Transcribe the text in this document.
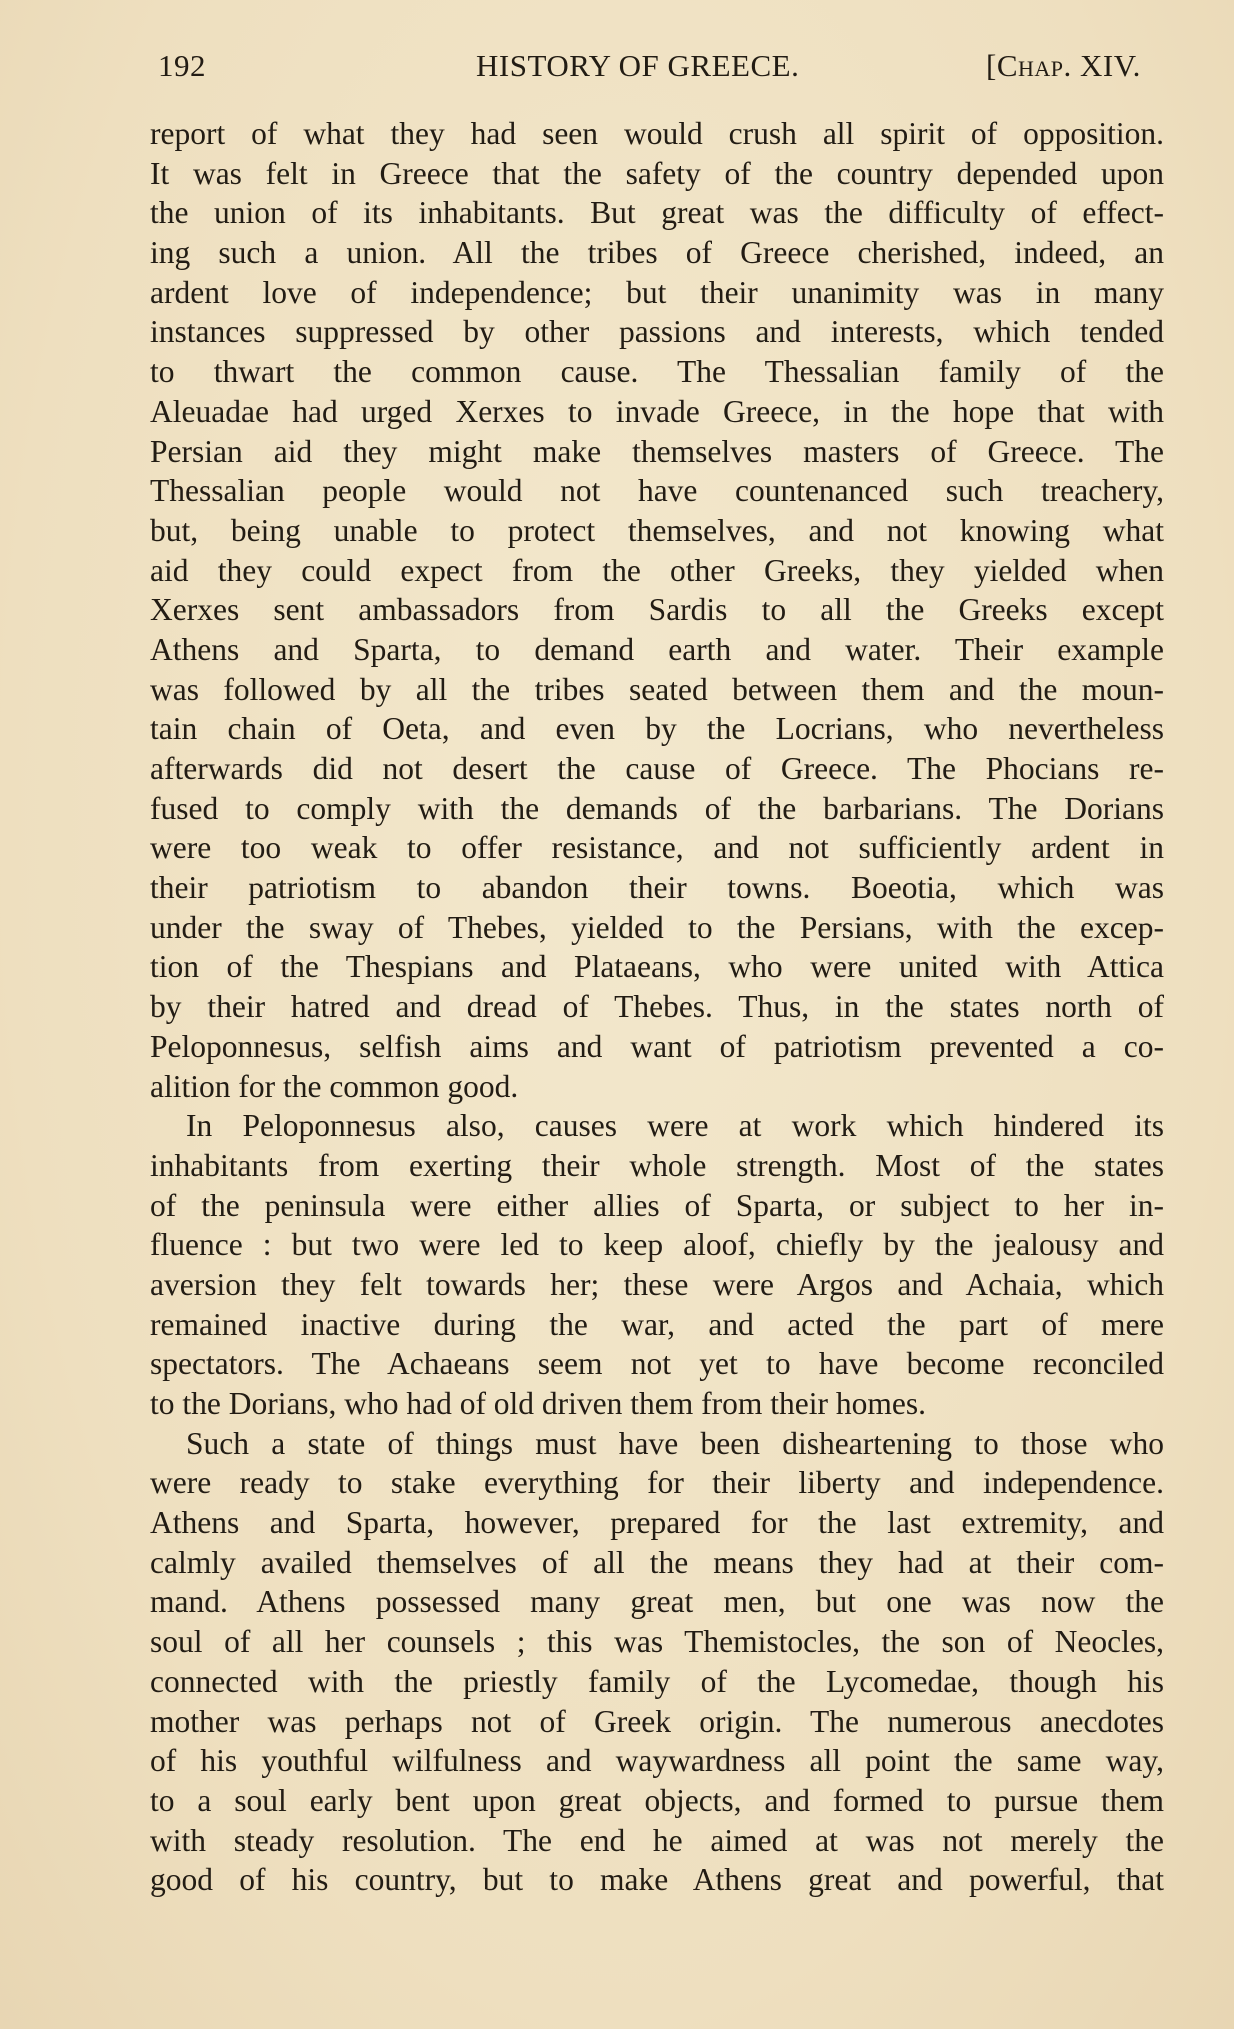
192	HISTORY OF GREECE.	[Chap. XIV.
report of what they had seen would crush all spirit of opposition.
It was felt in Greece that the safety of the country depended upon
the union of its inhabitants. But great was the difficulty of effect-
ing such a union. All the tribes of Greece cherished, indeed, an
ardent love of independence; but their unanimity was in many
instances suppressed by other passions and interests, which tended
to thwart the common cause. The Thessalian family of the
Aleuadae had urged Xerxes to invade Greece, in the hope that with
Persian aid they might make themselves masters of Greece. The
Thessalian people would not have countenanced such treachery,
but, being unable to protect themselves, and not knowing what
aid they could expect from the other Greeks, they yielded when
Xerxes sent ambassadors from Sardis to all the Greeks except
Athens and Sparta, to demand earth and water. Their example
was followed by all the tribes seated between them and the moun-
tain chain of Oeta, and even by the Locrians, who nevertheless
afterwards did not desert the cause of Greece. The Phocians re-
fused to comply with the demands of the barbarians. The Dorians
were too weak to offer resistance, and not sufficiently ardent in
their patriotism to abandon their towns. Boeotia, which was
under the sway of Thebes, yielded to the Persians, with the excep-
tion of the Thespians and Plataeans, who were united with Attica
by their hatred and dread of Thebes. Thus, in the states north of
Peloponnesus, selfish aims and want of patriotism prevented a co-
alition for the common good.
In Peloponnesus also, causes were at work which hindered its
inhabitants from exerting their whole strength. Most of the states
of the peninsula were either allies of Sparta, or subject to her in-
fluence : but two were led to keep aloof, chiefly by the jealousy and
aversion they felt towards her; these were Argos and Achaia, which
remained inactive during the war, and acted the part of mere
spectators. The Achaeans seem not yet to have become reconciled
to the Dorians, who had of old driven them from their homes.
Such a state of things must have been disheartening to those who
were ready to stake everything for their liberty and independence.
Athens and Sparta, however, prepared for the last extremity, and
calmly availed themselves of all the means they had at their com-
mand. Athens possessed many great men, but one was now the
soul of all her counsels ; this was Themistocles, the son of Neocles,
connected with the priestly family of the Lycomedae, though his
mother was perhaps not of Greek origin. The numerous anecdotes
of his youthful wilfulness and waywardness all point the same way,
to a soul early bent upon great objects, and formed to pursue them
with steady resolution. The end he aimed at was not merely the
good of his country, but to make Athens great and powerful, that
